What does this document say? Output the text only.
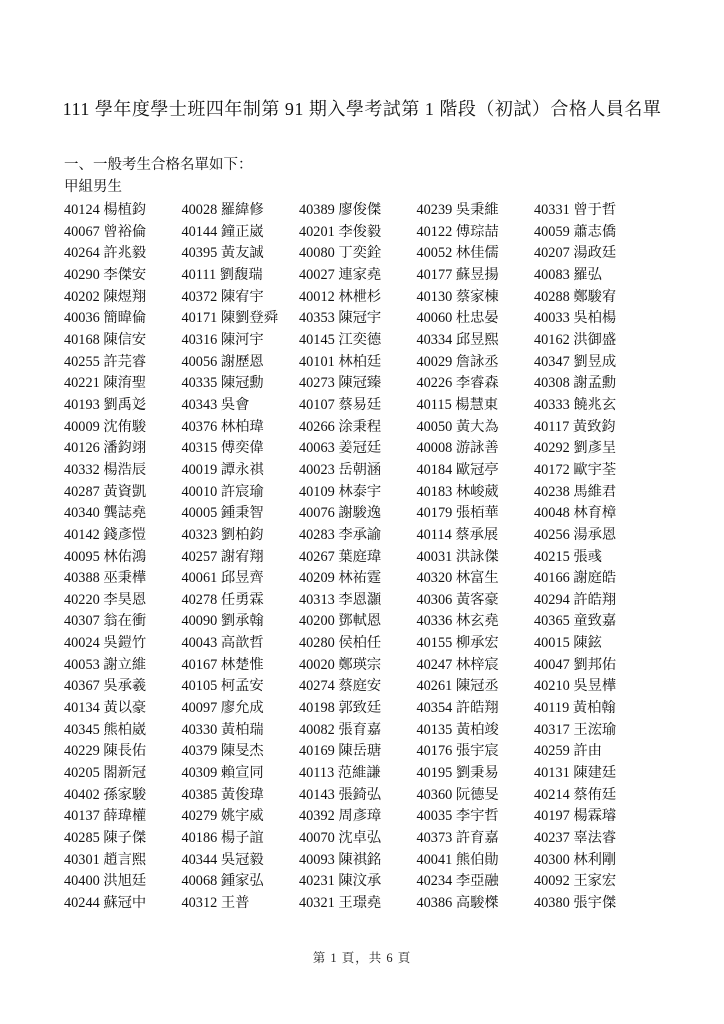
111 學年度學士班四年制第 91 期入學考試第 1 階段（初試）合格人員名單
一、一般考生合格名單如下：
甲組男生
40124 楊植鈞
40067 曾裕倫
40264 許兆毅
40290 李傑安
40202 陳煜翔
40036 簡暐倫
40168 陳信安
40255 許芫睿
40221 陳淯聖
40193 劉禹彣
40009 沈侑駿
40126 潘鈞翊
40332 楊浩辰
40287 黃資凱
40340 龔誌堯
40142 錢彥愷
40095 林佑鴻
40388 巫秉樺
40220 李昊恩
40307 翁在衝
40024 吳鎧竹
40053 謝立維
40367 吳承羲
40134 黃以豪
40345 熊柏崴
40229 陳長佑
40205 閤新冠
40402 孫家駿
40137 薛瑋權
40285 陳子傑
40301 趙言熙
40400 洪旭廷
40244 蘇冠中
40028 羅緯修
40144 鐘正崴
40395 黃友誠
40111 劉馥瑞
40372 陳宥宇
40171 陳劉登舜
40316 陳河宇
40056 謝歷恩
40335 陳冠勳
40343 吳會
40376 林柏瑋
40315 傅奕偉
40019 譚永祺
40010 許宸瑜
40005 鍾秉智
40323 劉柏鈞
40257 謝宥翔
40061 邱昱齊
40278 任勇霖
40090 劉承翰
40043 高歆哲
40167 林楚惟
40105 柯孟安
40097 廖允成
40330 黃柏瑞
40379 陳旻杰
40309 賴宣同
40385 黃俊瑋
40279 姚宇威
40186 楊子誼
40344 吳冠毅
40068 鍾家弘
40312 王普
40389 廖俊傑
40201 李俊毅
40080 丁奕銓
40027 連家堯
40012 林枻杉
40353 陳冠宇
40145 江奕德
40101 林柏廷
40273 陳冠臻
40107 蔡易廷
40266 涂秉程
40063 姜冠廷
40023 岳朝涵
40109 林泰宇
40076 謝駿逸
40283 李承諭
40267 葉庭瑋
40209 林祐霆
40313 李恩灝
40200 鄧軾恩
40280 侯柏任
40020 鄭瑛宗
40274 蔡庭安
40198 郭致廷
40082 張育嘉
40169 陳岳瑭
40113 范維謙
40143 張錡弘
40392 周彥璋
40070 沈卓弘
40093 陳祺銘
40231 陳汶承
40321 王璟堯
40239 吳秉維
40122 傅琮喆
40052 林佳儒
40177 蘇昱揚
40130 蔡家棟
40060 杜忠晏
40334 邱昱熙
40029 詹詠丞
40226 李睿森
40115 楊慧東
40050 黃大為
40008 游詠善
40184 歐冠亭
40183 林峻葳
40179 張栢華
40114 蔡承展
40031 洪詠傑
40320 林富生
40306 黃客豪
40336 林玄堯
40155 柳承宏
40247 林梓宸
40261 陳冠丞
40354 許皓翔
40135 黃柏竣
40176 張宇宸
40195 劉秉易
40360 阮德旻
40035 李宇哲
40373 許育嘉
40041 熊伯勛
40234 李亞融
40386 高駿榤
40331 曾于哲
40059 蕭志僑
40207 湯政廷
40083 羅弘
40288 鄭駿宥
40033 吳柏楊
40162 洪御盛
40347 劉昱成
40308 謝孟勳
40333 饒兆玄
40117 黃致鈞
40292 劉彥呈
40172 歐宇荃
40238 馬維君
40048 林育樟
40256 湯承恩
40215 張彧
40166 謝庭皓
40294 許皓翔
40365 童致嘉
40015 陳鉉
40047 劉邦佑
40210 吳昱樺
40119 黃柏翰
40317 王浤瑜
40259 許由
40131 陳建廷
40214 蔡侑廷
40197 楊霖璿
40237 辜法睿
40300 林利剛
40092 王家宏
40380 張宇傑
第 1 頁，共 6 頁
